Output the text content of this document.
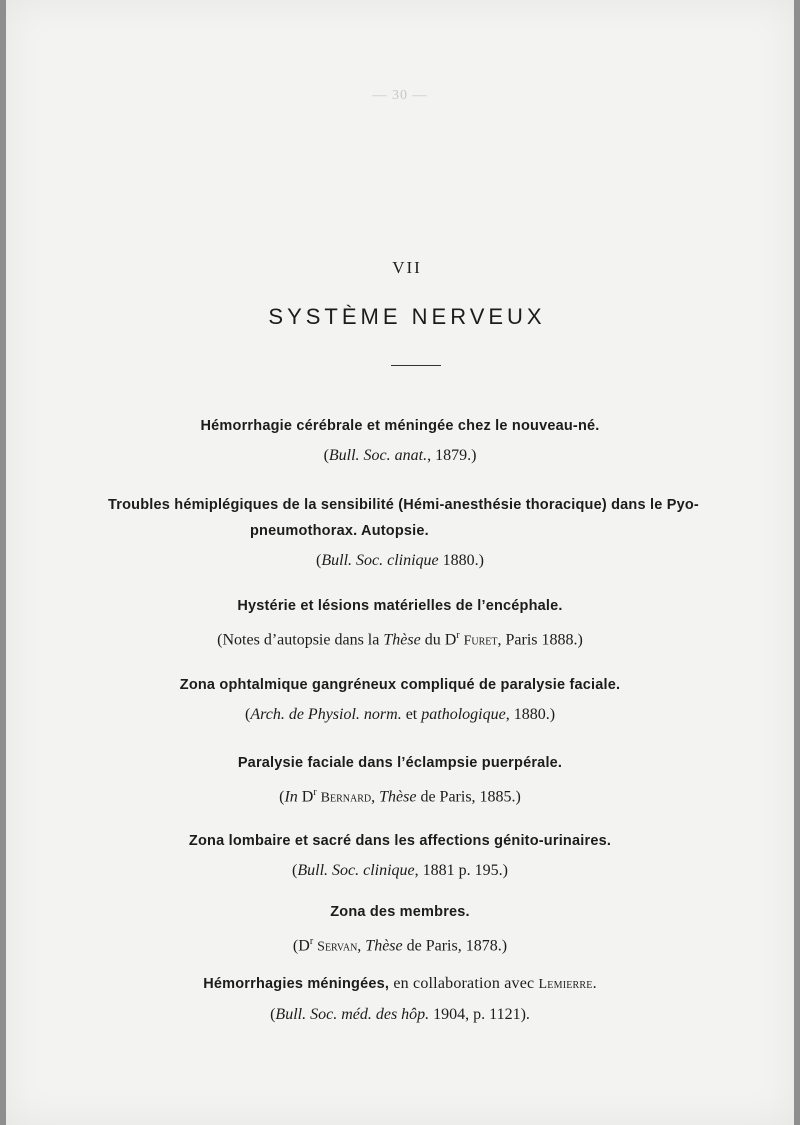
— 30 —
VII
SYSTÈME NERVEUX
Hémorrhagie cérébrale et méningée chez le nouveau-né.
(Bull. Soc. anat., 1879.)
Troubles hémiplégiques de la sensibilité (Hémi-anesthésie thoracique) dans le Pyo-
pneumothorax. Autopsie.
(Bull. Soc. clinique 1880.)
Hystérie et lésions matérielles de l’encéphale.
(Notes d’autopsie dans la Thèse du $D^r$ Furet, Paris 1888.)
Zona ophtalmique gangréneux compliqué de paralysie faciale.
(Arch. de Physiol. norm. et pathologique, 1880.)
Paralysie faciale dans l’éclampsie puerpérale.
(In $D^r$ Bernard, Thèse de Paris, 1885.)
Zona lombaire et sacré dans les affections génito-urinaires.
(Bull. Soc. clinique, 1881 p. 195.)
Zona des membres.
($D^r$ Servan, Thèse de Paris, 1878.)
Hémorrhagies méningées, en collaboration avec Lemierre.
(Bull. Soc. méd. des hôp. 1904, p. 1121).
